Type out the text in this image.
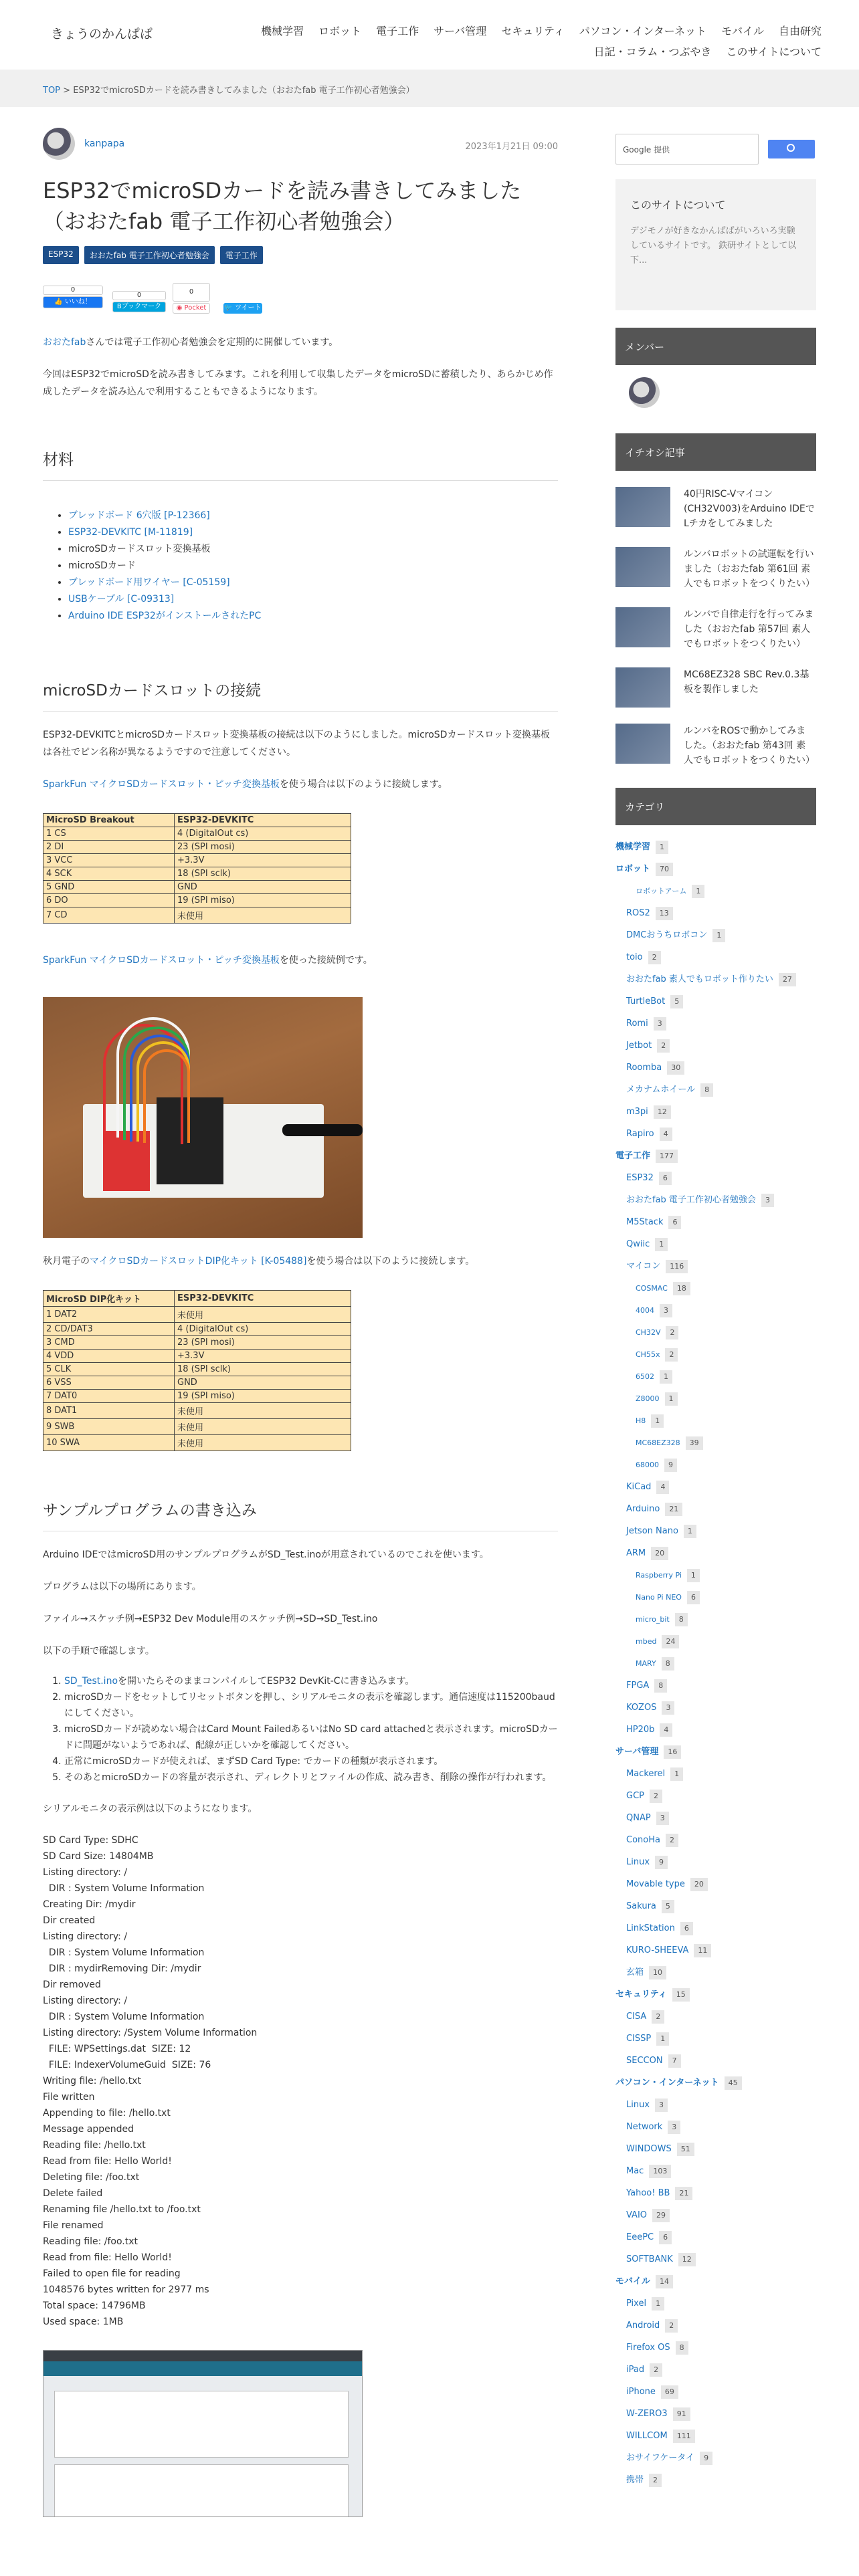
きょうのかんぱぱ	機械学習 ロボット 電子工作 サーバ管理 セキュリティ パソコン・インターネット モバイル 自由研究
日記・コラム・つぶやき このサイトについて
TOP > ESP32でmicroSDカードを読み書きしてみました（おおたfab 電子工作初心者勉強会）
kanpapa	2023年1月21日 09:00
ESP32でmicroSDカードを読み書きしてみました（おおたfab 電子工作初心者勉強会）
ESP32	おおたfab 電子工作初心者勉強会	電子工作
0
👍 いいね！
0
Bブックマーク
0
◉ Pocket	🐦 ツイート

おおたfabさんでは電子工作初心者勉強会を定期的に開催しています。

今回はESP32でmicroSDを読み書きしてみます。これを利用して収集したデータをmicroSDに蓄積したり、あらかじめ作成したデータを読み込んで利用することもできるようになります。

材料
• ブレッドボード 6穴版 [P-12366]
• ESP32-DEVKITC [M-11819]
• microSDカードスロット変換基板
• microSDカード
• ブレッドボード用ワイヤー [C-05159]
• USBケーブル [C-09313]
• Arduino IDE ESP32がインストールされたPC
microSDカードスロットの接続

ESP32-DEVKITCとmicroSDカードスロット変換基板の接続は以下のようにしました。microSDカードスロット変換基板は各社でピン名称が異なるようですので注意してください。

SparkFun マイクロSDカードスロット・ピッチ変換基板を使う場合は以下のように接続します。

MicroSD Breakout	ESP32-DEVKITC
1 CS	4 (DigitalOut cs)
2 DI	23 (SPI mosi)
3 VCC	+3.3V
4 SCK	18 (SPI sclk)
5 GND	GND
6 DO	19 (SPI miso)
7 CD	未使用

SparkFun マイクロSDカードスロット・ピッチ変換基板を使った接続例です。

秋月電子のマイクロSDカードスロットDIP化キット [K-05488]を使う場合は以下のように接続します。

MicroSD DIP化キット	ESP32-DEVKITC
1 DAT2	未使用
2 CD/DAT3	4 (DigitalOut cs)
3 CMD	23 (SPI mosi)
4 VDD	+3.3V
5 CLK	18 (SPI sclk)
6 VSS	GND
7 DAT0	19 (SPI miso)
8 DAT1	未使用
9 SWB	未使用
10 SWA	未使用
サンプルプログラムの書き込み

Arduino IDEではmicroSD用のサンプルプログラムがSD_Test.inoが用意されているのでこれを使います。

プログラムは以下の場所にあります。

ファイル→スケッチ例→ESP32 Dev Module用のスケッチ例→SD→SD_Test.ino

以下の手順で確認します。

1. SD_Test.inoを開いたらそのままコンパイルしてESP32 DevKit-Cに書き込みます。
2. microSDカードをセットしてリセットボタンを押し、シリアルモニタの表示を確認します。通信速度は115200baudにしてください。
3. microSDカードが読めない場合はCard Mount FailedあるいはNo SD card attachedと表示されます。microSDカードに問題がないようであれば、配線が正しいかを確認してください。
4. 正常にmicroSDカードが使えれば、まずSD Card Type: でカードの種類が表示されます。
5. そのあとmicroSDカードの容量が表示され、ディレクトリとファイルの作成、読み書き、削除の操作が行われます。

シリアルモニタの表示例は以下のようになります。

SD Card Type: SDHC
SD Card Size: 14804MB
Listing directory: /
DIR : System Volume Information
Creating Dir: /mydir
Dir created
Listing directory: /
DIR : System Volume Information
DIR : mydirRemoving Dir: /mydir
Dir removed
Listing directory: /
DIR : System Volume Information
Listing directory: /System Volume Information
FILE: WPSettings.dat  SIZE: 12
FILE: IndexerVolumeGuid  SIZE: 76
Writing file: /hello.txt
File written
Appending to file: /hello.txt
Message appended
Reading file: /hello.txt
Read from file: Hello World!
Deleting file: /foo.txt
Delete failed
Renaming file /hello.txt to /foo.txt
File renamed
Reading file: /foo.txt
Read from file: Hello World!
Failed to open file for reading
1048576 bytes written for 2977 ms
Total space: 14796MB
Used space: 1MB
Google 提供
このサイトについて

デジモノが好きなかんぱぱがいろいろ実験しているサイトです。 鉄研サイトとして以下...

メンバー
イチオシ記事
40円RISC-Vマイコン(CH32V003)をArduino IDEでLチカをしてみました
ルンバロボットの試運転を行いました（おおたfab 第61回 素人でもロボットをつくりたい）
ルンバで自律走行を行ってみました（おおたfab 第57回 素人でもロボットをつくりたい）
MC68EZ328 SBC Rev.0.3基板を製作しました
ルンバをROSで動かしてみました。（おおたfab 第43回 素人でもロボットをつくりたい）
カテゴリ
機械学習	1
ロボット	70
ロボットアーム	1
ROS2	13
DMCおうちロボコン	1
toio	2
おおたfab 素人でもロボット作りたい	27
TurtleBot	5
Romi	3
Jetbot	2
Roomba	30
メカナムホイール	8
m3pi	12
Rapiro	4
電子工作	177
ESP32	6
おおたfab 電子工作初心者勉強会	3
M5Stack	6
Qwiic	1
マイコン	116
COSMAC	18
4004	3
CH32V	2
CH55x	2
6502	1
Z8000	1
H8	1
MC68EZ328	39
68000	9
KiCad	4
Arduino	21
Jetson Nano	1
ARM	20
Raspberry Pi	1
Nano Pi NEO	6
micro_bit	8
mbed	24
MARY	8
FPGA	8
KOZOS	3
HP20b	4
サーバ管理	16
Mackerel	1
GCP	2
QNAP	3
ConoHa	2
Linux	9
Movable type	20
Sakura	5
LinkStation	6
KURO-SHEEVA	11
玄箱	10
セキュリティ	15
CISA	2
CISSP	1
SECCON	7
パソコン・インターネット	45
Linux	3
Network	3
WINDOWS	51
Mac	103
Yahoo! BB	21
VAIO	29
EeePC	6
SOFTBANK	12
モバイル	14
Pixel	1
Android	2
Firefox OS	8
iPad	2
iPhone	69
W-ZERO3	91
WILLCOM	111
おサイフケータイ	9
携帯	2
